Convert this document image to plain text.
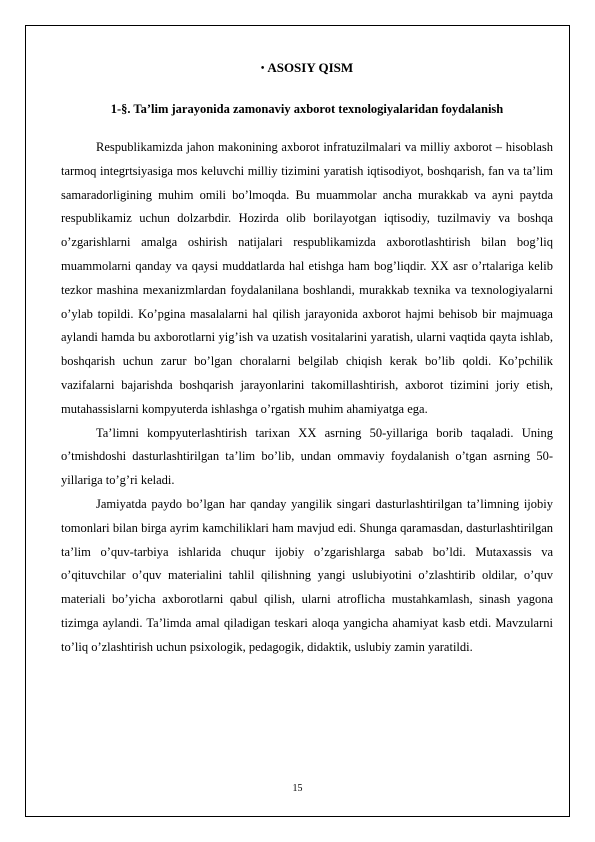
• ASOSIY QISM
1-§. Ta’lim jarayonida zamonaviy axborot texnologiyalaridan foydalanish

Respublikamizda jahon makonining axborot infratuzilmalari va milliy axborot – hisoblash tarmoq integrtsiyasiga mos keluvchi milliy tizimini yaratish iqtisodiyot, boshqarish, fan va ta’lim samaradorligining muhim omili bo’lmoqda. Bu muammolar ancha murakkab va ayni paytda respublikamiz uchun dolzarbdir. Hozirda olib borilayotgan iqtisodiy, tuzilmaviy va boshqa o’zgarishlarni amalga oshirish natijalari respublikamizda axborotlashtirish bilan bog’liq muammolarni qanday va qaysi muddatlarda hal etishga ham bog’liqdir. XX asr o’rtalariga kelib tezkor mashina mexanizmlardan foydalanilana boshlandi, murakkab texnika va texnologiyalarni o’ylab topildi. Ko’pgina masalalarni hal qilish jarayonida axborot hajmi behisob bir majmuaga aylandi hamda bu axborotlarni yig’ish va uzatish vositalarini yaratish, ularni vaqtida qayta ishlab, boshqarish uchun zarur bo’lgan choralarni belgilab chiqish kerak bo’lib qoldi. Ko’pchilik vazifalarni bajarishda boshqarish jarayonlarini takomillashtirish, axborot tizimini joriy etish, mutahassislarni kompyuterda ishlashga o’rgatish muhim ahamiyatga ega.

Ta’limni kompyuterlashtirish tarixan XX asrning 50-yillariga borib taqaladi. Uning o’tmishdoshi dasturlashtirilgan ta’lim bo’lib, undan ommaviy foydalanish o’tgan asrning 50-yillariga to’g’ri keladi.

Jamiyatda paydo bo’lgan har qanday yangilik singari dasturlashtirilgan ta’limning ijobiy tomonlari bilan birga ayrim kamchiliklari ham mavjud edi. Shunga qaramasdan, dasturlashtirilgan ta’lim o’quv-tarbiya ishlarida chuqur ijobiy o’zgarishlarga sabab bo’ldi. Mutaxassis va o’qituvchilar o’quv materialini tahlil qilishning yangi uslubiyotini o’zlashtirib oldilar, o’quv materiali bo’yicha axborotlarni qabul qilish, ularni atroflicha mustahkamlash, sinash yagona tizimga aylandi. Ta’limda amal qiladigan teskari aloqa yangicha ahamiyat kasb etdi. Mavzularni to’liq o’zlashtirish uchun psixologik, pedagogik, didaktik, uslubiy zamin yaratildi.

15
